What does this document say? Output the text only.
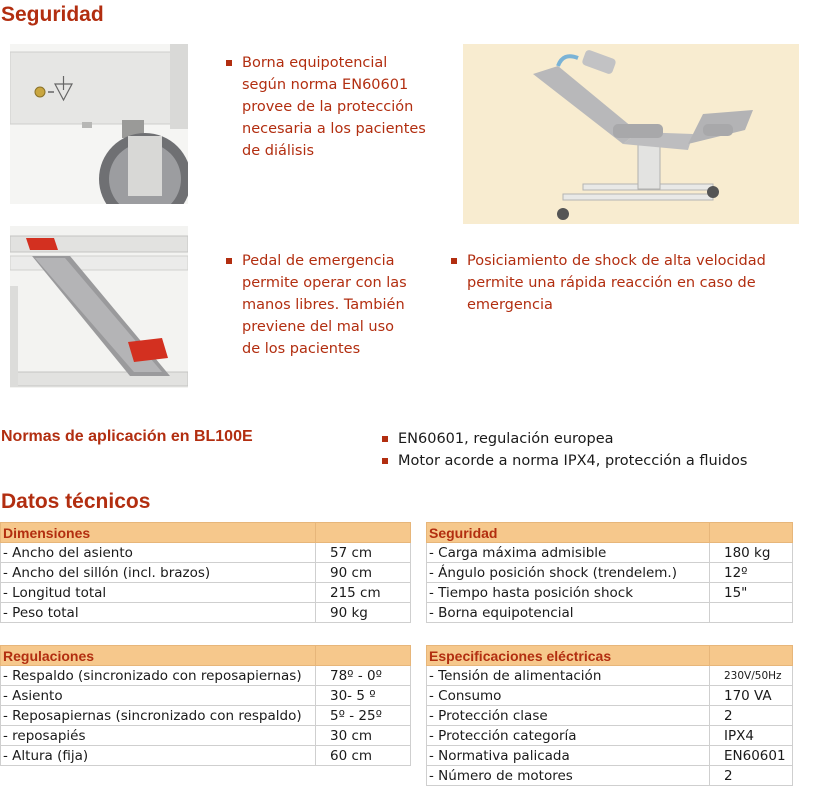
Seguridad
Borna equipotencial
según norma EN60601
provee de la protección
necesaria a los pacientes
de diálisis
Pedal de emergencia
permite operar con las
manos libres. También
previene del mal uso
de los pacientes
Posiciamiento de shock de alta velocidad
permite una rápida reacción en caso de
emergencia
Normas de aplicación en BL100E	EN60601, regulación europea
Motor acorde a norma IPX4, protección a fluidos
Datos técnicos
Dimensiones	
- Ancho del asiento	57 cm
- Ancho del sillón (incl. brazos)	90 cm
- Longitud total	215 cm
- Peso total	90 kg
Regulaciones	
- Respaldo (sincronizado con reposapiernas)	78º - 0º
- Asiento	30- 5 º
- Reposapiernas (sincronizado con respaldo)	5º - 25º
- reposapiés	30 cm
- Altura (fija)	60 cm
Seguridad	
- Carga máxima admisible	180 kg
- Ángulo posición shock (trendelem.)	12º
- Tiempo hasta posición shock	15"
- Borna equipotencial	
Especificaciones eléctricas	
- Tensión de alimentación	230V/50Hz
- Consumo	170 VA
- Protección clase	2
- Protección categoría	IPX4
- Normativa palicada	EN60601
- Número de motores	2
